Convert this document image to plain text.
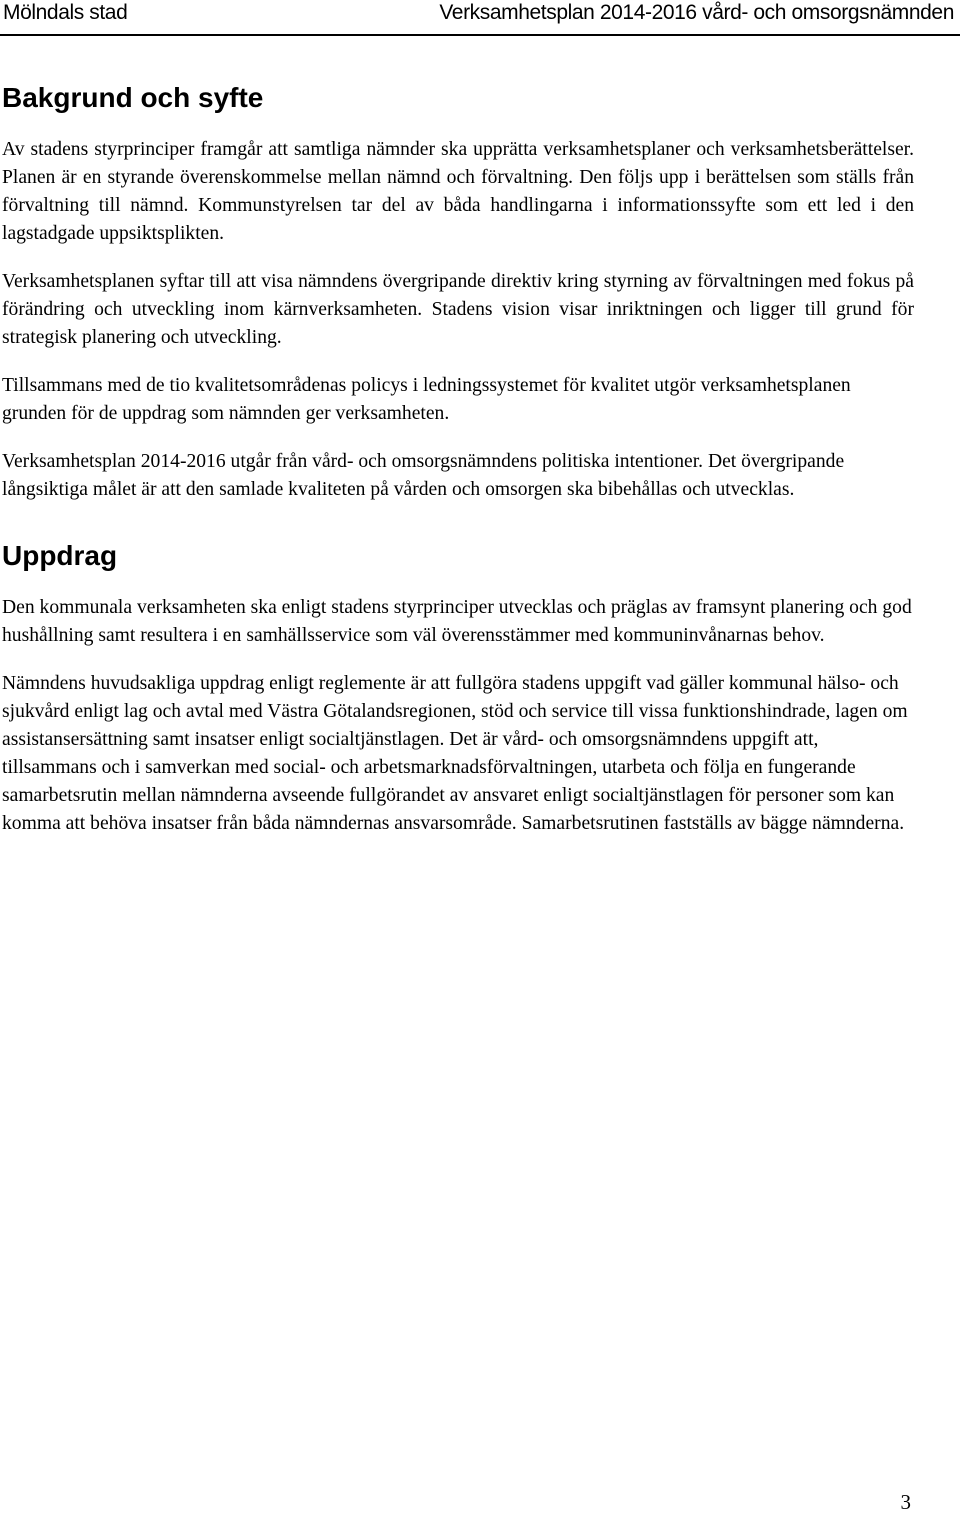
Mölndals stad	Verksamhetsplan 2014-2016 vård- och omsorgsnämnden
Bakgrund och syfte

Av stadens styrprinciper framgår att samtliga nämnder ska upprätta verksamhetsplaner och verksamhetsberättelser. Planen är en styrande överenskommelse mellan nämnd och förvaltning. Den följs upp i berättelsen som ställs från förvaltning till nämnd. Kommunstyrelsen tar del av båda handlingarna i informationssyfte som ett led i den lagstadgade uppsiktsplikten.

Verksamhetsplanen syftar till att visa nämndens övergripande direktiv kring styrning av förvaltningen med fokus på förändring och utveckling inom kärnverksamheten. Stadens vision visar inriktningen och ligger till grund för strategisk planering och utveckling.

Tillsammans med de tio kvalitetsområdenas policys i ledningssystemet för kvalitet utgör verksamhetsplanen grunden för de uppdrag som nämnden ger verksamheten.

Verksamhetsplan 2014-2016 utgår från vård- och omsorgsnämndens politiska intentioner. Det övergripande långsiktiga målet är att den samlade kvaliteten på vården och omsorgen ska bibehållas och utvecklas.

Uppdrag

Den kommunala verksamheten ska enligt stadens styrprinciper utvecklas och präglas av framsynt planering och god hushållning samt resultera i en samhällsservice som väl överensstämmer med kommuninvånarnas behov.

Nämndens huvudsakliga uppdrag enligt reglemente är att fullgöra stadens uppgift vad gäller kommunal hälso- och sjukvård enligt lag och avtal med Västra Götalandsregionen, stöd och service till vissa funktionshindrade, lagen om assistansersättning samt insatser enligt socialtjänstlagen. Det är vård- och omsorgsnämndens uppgift att, tillsammans och i samverkan med social- och arbetsmarknadsförvaltningen, utarbeta och följa en fungerande samarbetsrutin mellan nämnderna avseende fullgörandet av ansvaret enligt socialtjänstlagen för personer som kan komma att behöva insatser från båda nämndernas ansvarsområde. Samarbetsrutinen fastställs av bägge nämnderna.

3
